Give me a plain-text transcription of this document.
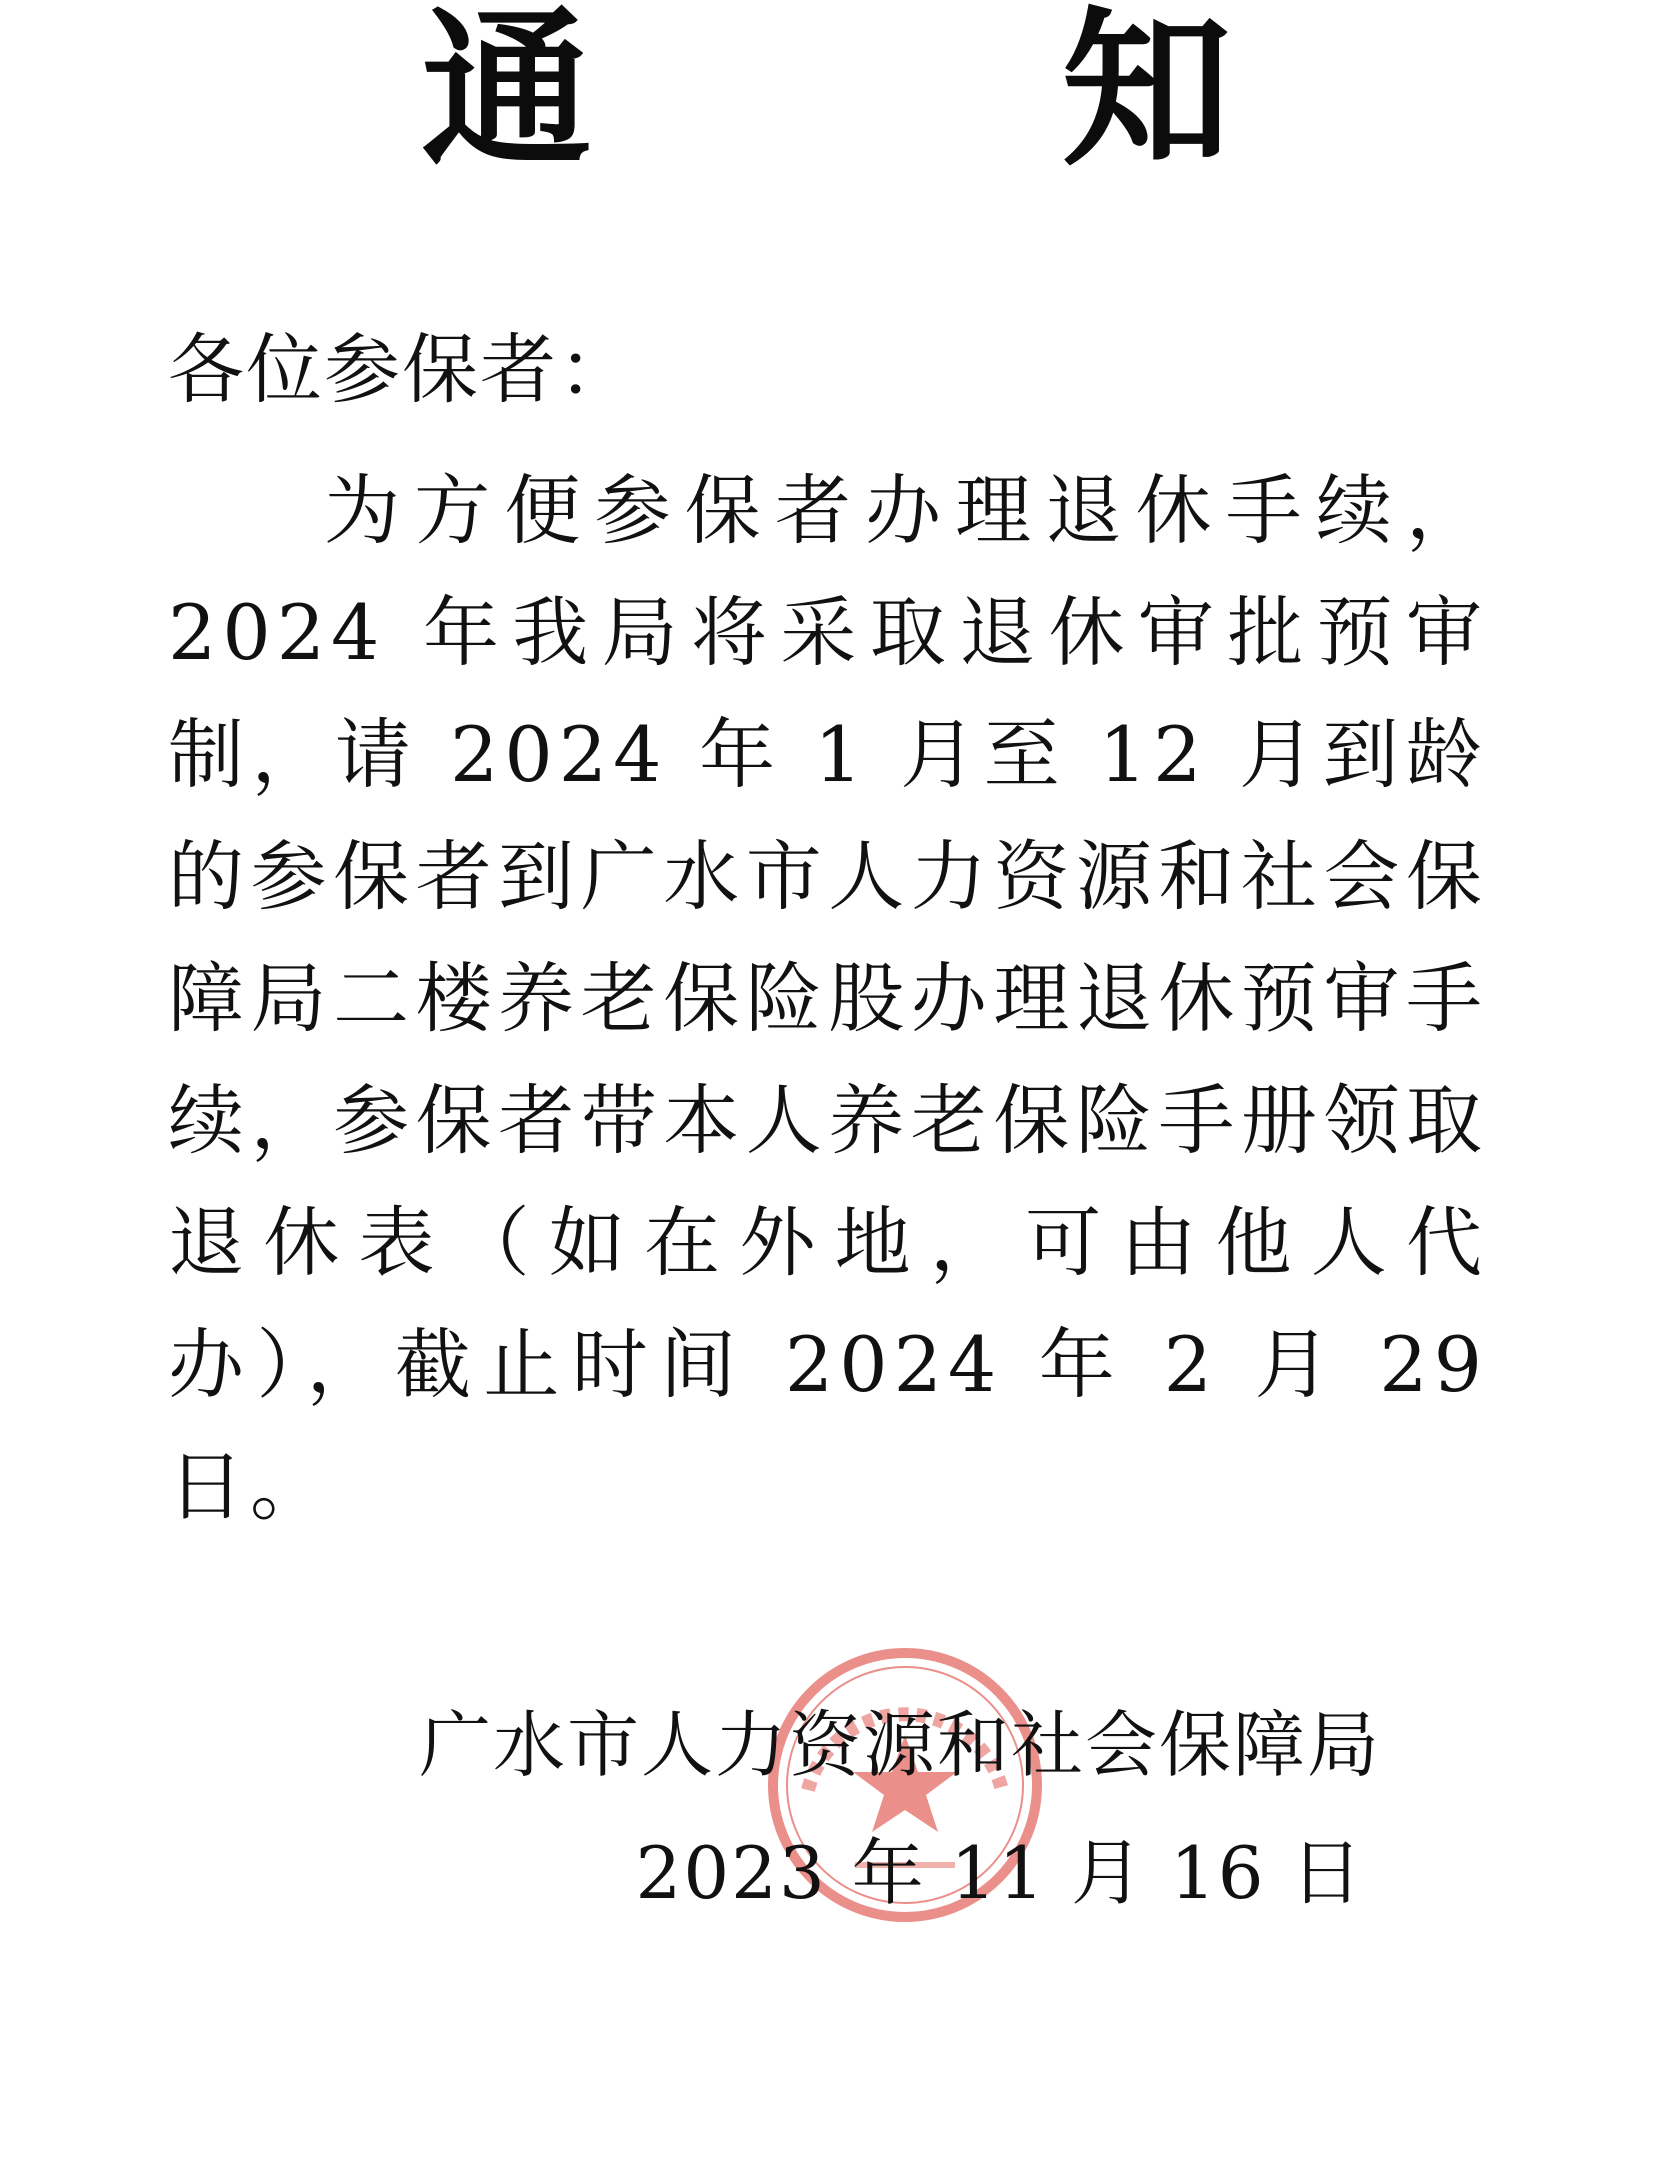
通　知
各位参保者：
为方便参保者办理退休手续，2024 年我局将采取退休审批预审制，请 2024 年 1 月至 12 月到龄的参保者到广水市人力资源和社会保障局二楼养老保险股办理退休预审手续，参保者带本人养老保险手册领取退休表（如在外地，可由他人代办），截止时间 2024 年 2 月 29 日。
广水市人力资源和社会保障局
2023 年 11 月 16 日
